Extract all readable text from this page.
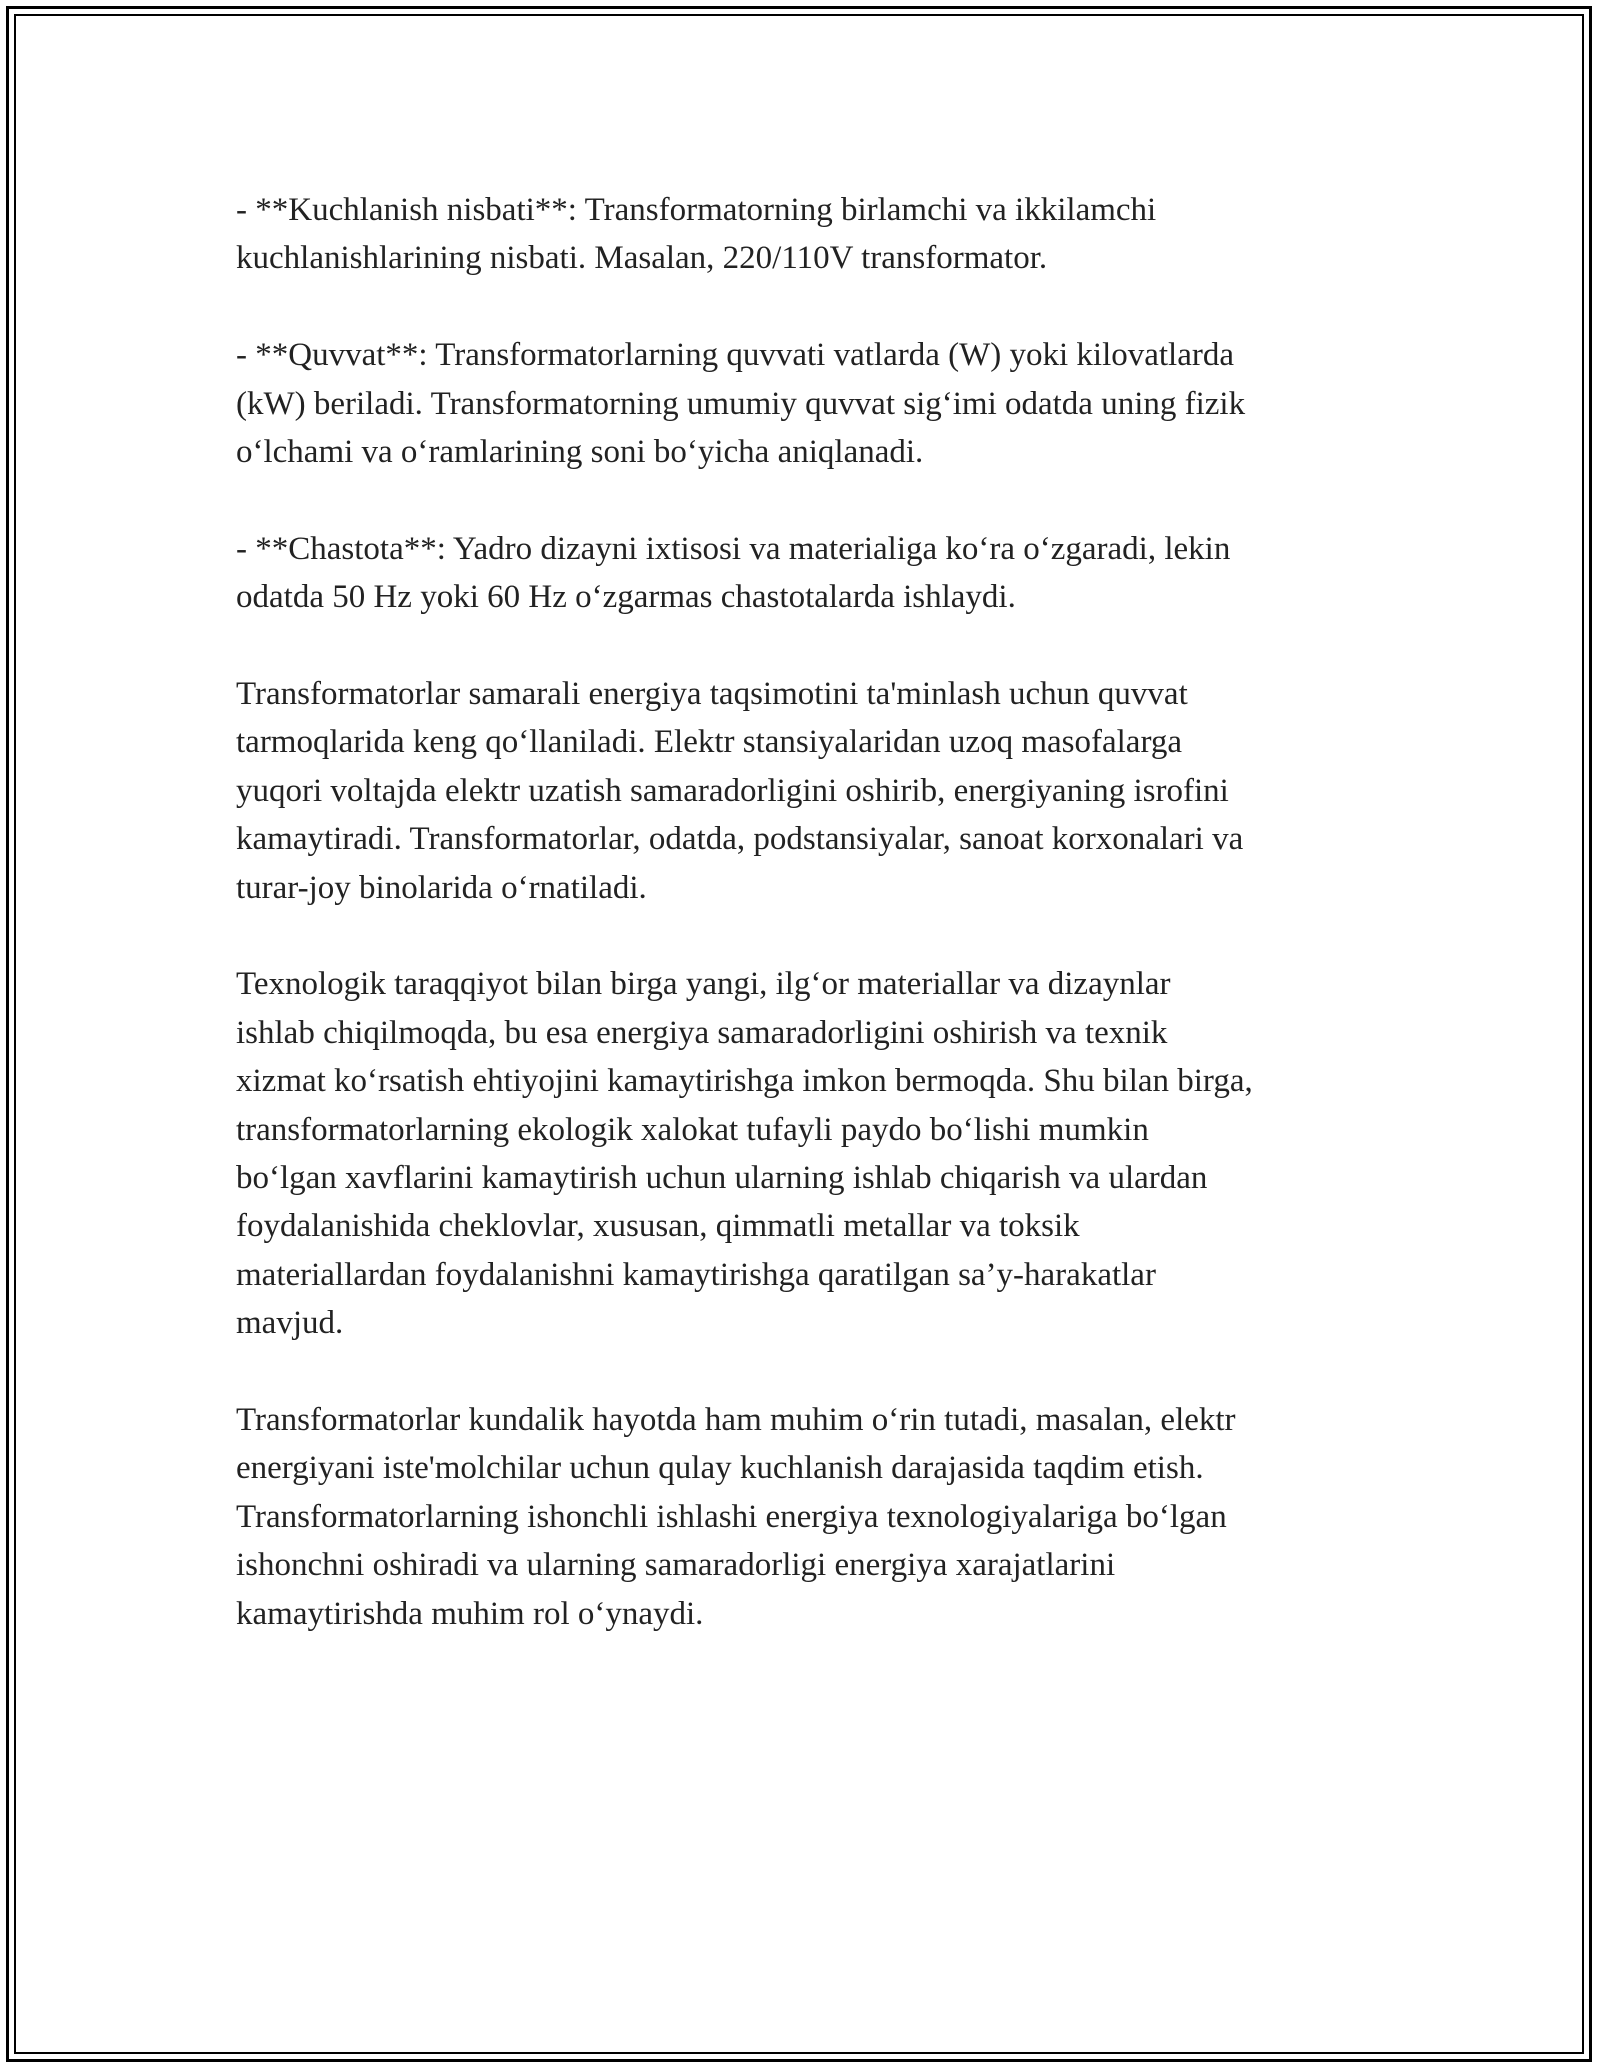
- **Kuchlanish nisbati**: Transformatorning birlamchi va ikkilamchi
kuchlanishlarining nisbati. Masalan, 220/110V transformator.

- **Quvvat**: Transformatorlarning quvvati vatlarda (W) yoki kilovatlarda
(kW) beriladi. Transformatorning umumiy quvvat sig‘imi odatda uning fizik
o‘lchami va o‘ramlarining soni bo‘yicha aniqlanadi.

- **Chastota**: Yadro dizayni ixtisosi va materialiga ko‘ra o‘zgaradi, lekin
odatda 50 Hz yoki 60 Hz o‘zgarmas chastotalarda ishlaydi.

Transformatorlar samarali energiya taqsimotini ta'minlash uchun quvvat
tarmoqlarida keng qo‘llaniladi. Elektr stansiyalaridan uzoq masofalarga
yuqori voltajda elektr uzatish samaradorligini oshirib, energiyaning isrofini
kamaytiradi. Transformatorlar, odatda, podstansiyalar, sanoat korxonalari va
turar-joy binolarida o‘rnatiladi.

Texnologik taraqqiyot bilan birga yangi, ilg‘or materiallar va dizaynlar
ishlab chiqilmoqda, bu esa energiya samaradorligini oshirish va texnik
xizmat ko‘rsatish ehtiyojini kamaytirishga imkon bermoqda. Shu bilan birga,
transformatorlarning ekologik xalokat tufayli paydo bo‘lishi mumkin
bo‘lgan xavflarini kamaytirish uchun ularning ishlab chiqarish va ulardan
foydalanishida cheklovlar, xususan, qimmatli metallar va toksik
materiallardan foydalanishni kamaytirishga qaratilgan sa’y-harakatlar
mavjud.

Transformatorlar kundalik hayotda ham muhim o‘rin tutadi, masalan, elektr
energiyani iste'molchilar uchun qulay kuchlanish darajasida taqdim etish.
Transformatorlarning ishonchli ishlashi energiya texnologiyalariga bo‘lgan
ishonchni oshiradi va ularning samaradorligi energiya xarajatlarini
kamaytirishda muhim rol o‘ynaydi.
